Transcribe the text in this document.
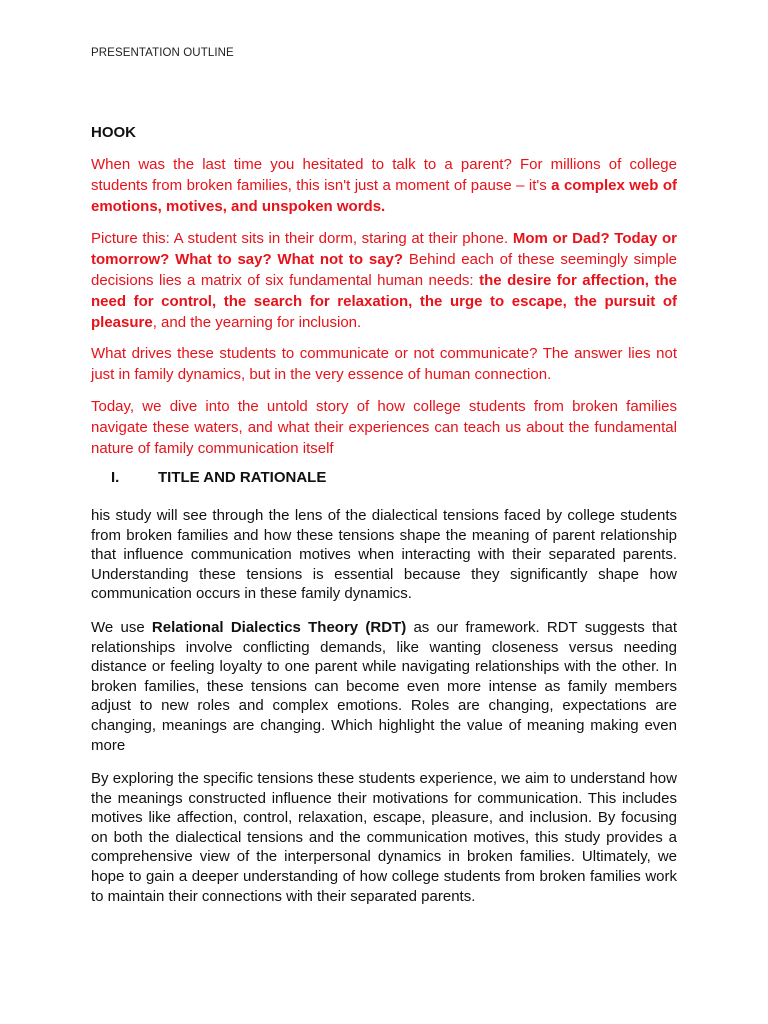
PRESENTATION OUTLINE
HOOK
When was the last time you hesitated to talk to a parent? For millions of college students from broken families, this isn't just a moment of pause – it's a complex web of emotions, motives, and unspoken words.
Picture this: A student sits in their dorm, staring at their phone. Mom or Dad? Today or tomorrow? What to say? What not to say? Behind each of these seemingly simple decisions lies a matrix of six fundamental human needs: the desire for affection, the need for control, the search for relaxation, the urge to escape, the pursuit of pleasure, and the yearning for inclusion.
What drives these students to communicate or not communicate? The answer lies not just in family dynamics, but in the very essence of human connection.
Today, we dive into the untold story of how college students from broken families navigate these waters, and what their experiences can teach us about the fundamental nature of family communication itself
I.	TITLE AND RATIONALE
his study will see through the lens of the dialectical tensions faced by college students from broken families and how these tensions shape the meaning of parent relationship that influence communication motives when interacting with their separated parents. Understanding these tensions is essential because they significantly shape how communication occurs in these family dynamics.
We use Relational Dialectics Theory (RDT) as our framework. RDT suggests that relationships involve conflicting demands, like wanting closeness versus needing distance or feeling loyalty to one parent while navigating relationships with the other. In broken families, these tensions can become even more intense as family members adjust to new roles and complex emotions. Roles are changing, expectations are changing, meanings are changing. Which highlight the value of meaning making even more
By exploring the specific tensions these students experience, we aim to understand how the meanings constructed influence their motivations for communication. This includes motives like affection, control, relaxation, escape, pleasure, and inclusion. By focusing on both the dialectical tensions and the communication motives, this study provides a comprehensive view of the interpersonal dynamics in broken families. Ultimately, we hope to gain a deeper understanding of how college students from broken families work to maintain their connections with their separated parents.
